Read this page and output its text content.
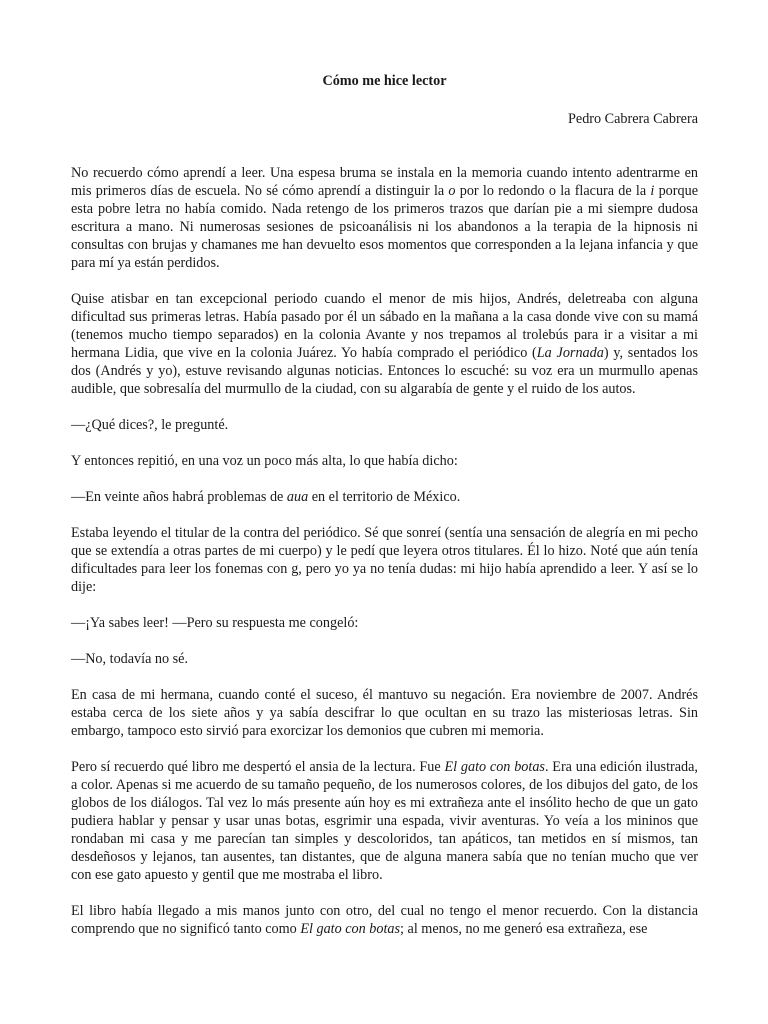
Cómo me hice lector
Pedro Cabrera Cabrera

No recuerdo cómo aprendí a leer. Una espesa bruma se instala en la memoria cuando intento adentrarme en mis primeros días de escuela. No sé cómo aprendí a distinguir la o por lo redondo o la flacura de la i porque esta pobre letra no había comido. Nada retengo de los primeros trazos que darían pie a mi siempre dudosa escritura a mano. Ni numerosas sesiones de psicoanálisis ni los abandonos a la terapia de la hipnosis ni consultas con brujas y chamanes me han devuelto esos momentos que corresponden a la lejana infancia y que para mí ya están perdidos.

Quise atisbar en tan excepcional periodo cuando el menor de mis hijos, Andrés, deletreaba con alguna dificultad sus primeras letras. Había pasado por él un sábado en la mañana a la casa donde vive con su mamá (tenemos mucho tiempo separados) en la colonia Avante y nos trepamos al trolebús para ir a visitar a mi hermana Lidia, que vive en la colonia Juárez. Yo había comprado el periódico (La Jornada) y, sentados los dos (Andrés y yo), estuve revisando algunas noticias. Entonces lo escuché: su voz era un murmullo apenas audible, que sobresalía del murmullo de la ciudad, con su algarabía de gente y el ruido de los autos.

—¿Qué dices?, le pregunté.

Y entonces repitió, en una voz un poco más alta, lo que había dicho:

—En veinte años habrá problemas de aua en el territorio de México.

Estaba leyendo el titular de la contra del periódico. Sé que sonreí (sentía una sensación de alegría en mi pecho que se extendía a otras partes de mi cuerpo) y le pedí que leyera otros titulares. Él lo hizo. Noté que aún tenía dificultades para leer los fonemas con g, pero yo ya no tenía dudas: mi hijo había aprendido a leer. Y así se lo dije:

—¡Ya sabes leer! —Pero su respuesta me congeló:

—No, todavía no sé.

En casa de mi hermana, cuando conté el suceso, él mantuvo su negación. Era noviembre de 2007. Andrés estaba cerca de los siete años y ya sabía descifrar lo que ocultan en su trazo las misteriosas letras. Sin embargo, tampoco esto sirvió para exorcizar los demonios que cubren mi memoria.

Pero sí recuerdo qué libro me despertó el ansia de la lectura. Fue El gato con botas. Era una edición ilustrada, a color. Apenas si me acuerdo de su tamaño pequeño, de los numerosos colores, de los dibujos del gato, de los globos de los diálogos. Tal vez lo más presente aún hoy es mi extrañeza ante el insólito hecho de que un gato pudiera hablar y pensar y usar unas botas, esgrimir una espada, vivir aventuras. Yo veía a los mininos que rondaban mi casa y me parecían tan simples y descoloridos, tan apáticos, tan metidos en sí mismos, tan desdeñosos y lejanos, tan ausentes, tan distantes, que de alguna manera sabía que no tenían mucho que ver con ese gato apuesto y gentil que me mostraba el libro.

El libro había llegado a mis manos junto con otro, del cual no tengo el menor recuerdo. Con la distancia comprendo que no significó tanto como El gato con botas; al menos, no me generó esa extrañeza, ese
